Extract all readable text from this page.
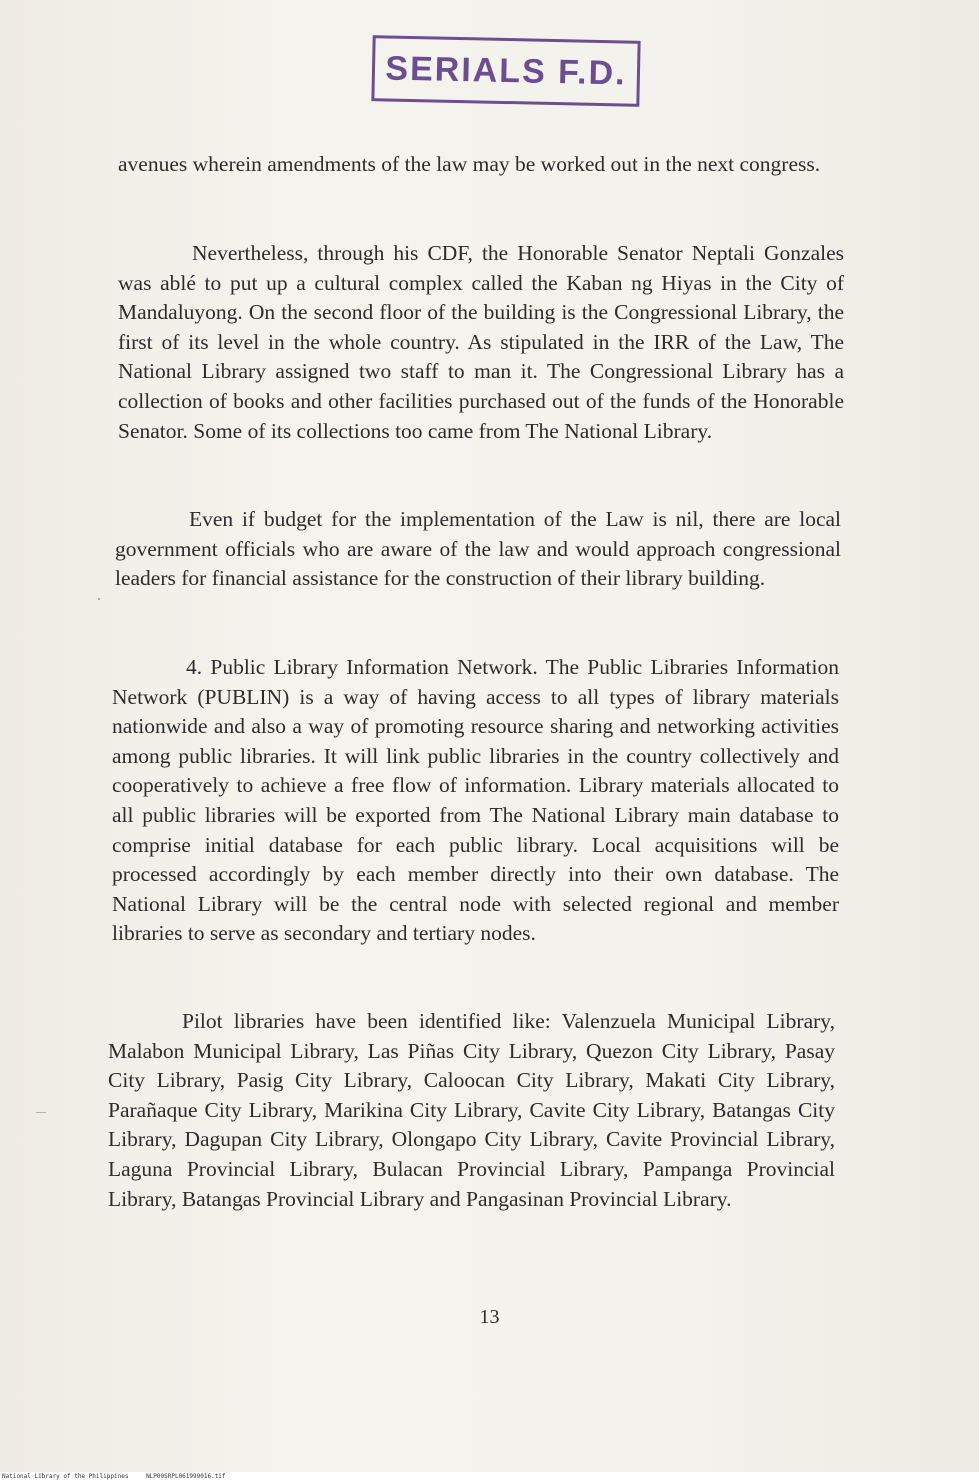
SERIALS F.D.

avenues wherein amendments of the law may be worked out in the next congress.

Nevertheless, through his CDF, the Honorable Senator Neptali Gonzales was ablé to put up a cultural complex called the Kaban ng Hiyas in the City of Mandaluyong. On the second floor of the building is the Congressional Library, the first of its level in the whole country. As stipulated in the IRR of the Law, The National Library assigned two staff to man it. The Congressional Library has a collection of books and other facilities purchased out of the funds of the Honorable Senator. Some of its collections too came from The National Library.

Even if budget for the implementation of the Law is nil, there are local government officials who are aware of the law and would approach congressional leaders for financial assistance for the construction of their library building.

4. Public Library Information Network. The Public Libraries Information Network (PUBLIN) is a way of having access to all types of library materials nationwide and also a way of promoting resource sharing and networking activities among public libraries. It will link public libraries in the country collectively and cooperatively to achieve a free flow of information. Library materials allocated to all public libraries will be exported from The National Library main database to comprise initial database for each public library. Local acquisitions will be processed accordingly by each member directly into their own database. The National Library will be the central node with selected regional and member libraries to serve as secondary and tertiary nodes.

Pilot libraries have been identified like: Valenzuela Municipal Library, Malabon Municipal Library, Las Piñas City Library, Quezon City Library, Pasay City Library, Pasig City Library, Caloocan City Library, Makati City Library, Parañaque City Library, Marikina City Library, Cavite City Library, Batangas City Library, Dagupan City Library, Olongapo City Library, Cavite Provincial Library, Laguna Provincial Library, Bulacan Provincial Library, Pampanga Provincial Library, Batangas Provincial Library and Pangasinan Provincial Library.

13
National Library of the Philippines	NLP00SRPL061999016.tif
